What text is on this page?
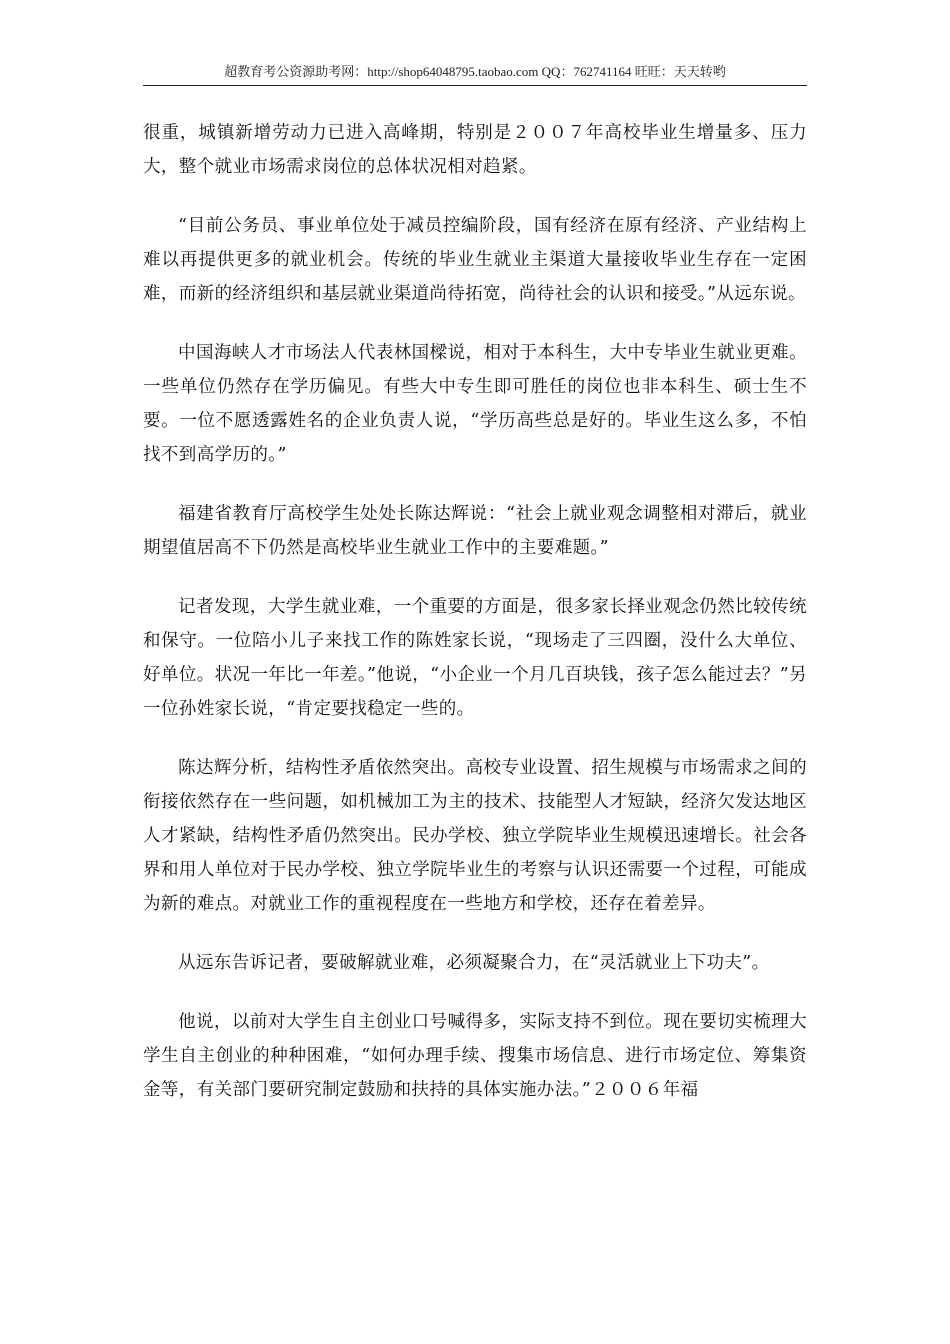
超教育考公资源助考网：http://shop64048795.taobao.com QQ：762741164 旺旺：天天转哟

很重，城镇新增劳动力已进入高峰期，特别是２００７年高校毕业生增量多、压力大，整个就业市场需求岗位的总体状况相对趋紧。

“目前公务员、事业单位处于减员控编阶段，国有经济在原有经济、产业结构上难以再提供更多的就业机会。传统的毕业生就业主渠道大量接收毕业生存在一定困难，而新的经济组织和基层就业渠道尚待拓宽，尚待社会的认识和接受。”从远东说。

中国海峡人才市场法人代表林国樑说，相对于本科生，大中专毕业生就业更难。一些单位仍然存在学历偏见。有些大中专生即可胜任的岗位也非本科生、硕士生不要。一位不愿透露姓名的企业负责人说，“学历高些总是好的。毕业生这么多，不怕找不到高学历的。”

福建省教育厅高校学生处处长陈达辉说：“社会上就业观念调整相对滞后，就业期望值居高不下仍然是高校毕业生就业工作中的主要难题。”

记者发现，大学生就业难，一个重要的方面是，很多家长择业观念仍然比较传统和保守。一位陪小儿子来找工作的陈姓家长说，“现场走了三四圈，没什么大单位、好单位。状况一年比一年差。”他说，“小企业一个月几百块钱，孩子怎么能过去？”另一位孙姓家长说，“肯定要找稳定一些的。

陈达辉分析，结构性矛盾依然突出。高校专业设置、招生规模与市场需求之间的衔接依然存在一些问题，如机械加工为主的技术、技能型人才短缺，经济欠发达地区人才紧缺，结构性矛盾仍然突出。民办学校、独立学院毕业生规模迅速增长。社会各界和用人单位对于民办学校、独立学院毕业生的考察与认识还需要一个过程，可能成为新的难点。对就业工作的重视程度在一些地方和学校，还存在着差异。

从远东告诉记者，要破解就业难，必须凝聚合力，在“灵活就业上下功夫”。

他说，以前对大学生自主创业口号喊得多，实际支持不到位。现在要切实梳理大学生自主创业的种种困难，“如何办理手续、搜集市场信息、进行市场定位、筹集资金等，有关部门要研究制定鼓励和扶持的具体实施办法。”２００６年福
